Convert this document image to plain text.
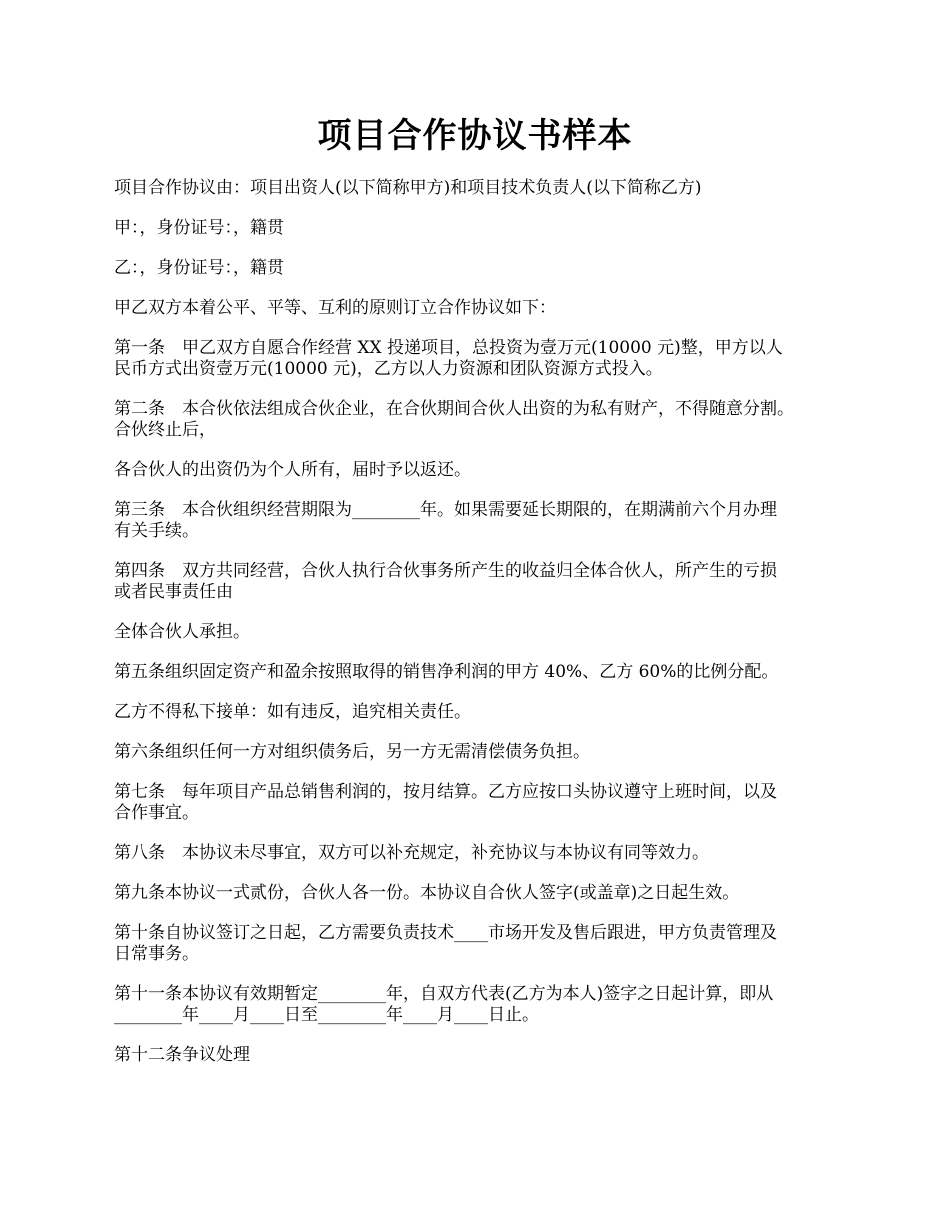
项目合作协议书样本

项目合作协议由：项目出资人(以下简称甲方)和项目技术负责人(以下简称乙方)

甲：，身份证号：，籍贯

乙：，身份证号：，籍贯

甲乙双方本着公平、平等、互利的原则订立合作协议如下：

第一条　甲乙双方自愿合作经营 XX 投递项目，总投资为壹万元(10000 元)整，甲方以人
民币方式出资壹万元(10000 元)，乙方以人力资源和团队资源方式投入。

第二条　本合伙依法组成合伙企业，在合伙期间合伙人出资的为私有财产，不得随意分割。
合伙终止后，

各合伙人的出资仍为个人所有，届时予以返还。

第三条　本合伙组织经营期限为________年。如果需要延长期限的，在期满前六个月办理
有关手续。

第四条　双方共同经营，合伙人执行合伙事务所产生的收益归全体合伙人，所产生的亏损
或者民事责任由

全体合伙人承担。

第五条组织固定资产和盈余按照取得的销售净利润的甲方 40%、乙方 60%的比例分配。

乙方不得私下接单：如有违反，追究相关责任。

第六条组织任何一方对组织债务后，另一方无需清偿债务负担。

第七条　每年项目产品总销售利润的，按月结算。乙方应按口头协议遵守上班时间，以及
合作事宜。

第八条　本协议未尽事宜，双方可以补充规定，补充协议与本协议有同等效力。

第九条本协议一式贰份，合伙人各一份。本协议自合伙人签字(或盖章)之日起生效。

第十条自协议签订之日起，乙方需要负责技术____市场开发及售后跟进，甲方负责管理及
日常事务。

第十一条本协议有效期暂定________年，自双方代表(乙方为本人)签字之日起计算，即从
________年____月____日至________年____月____日止。

第十二条争议处理
